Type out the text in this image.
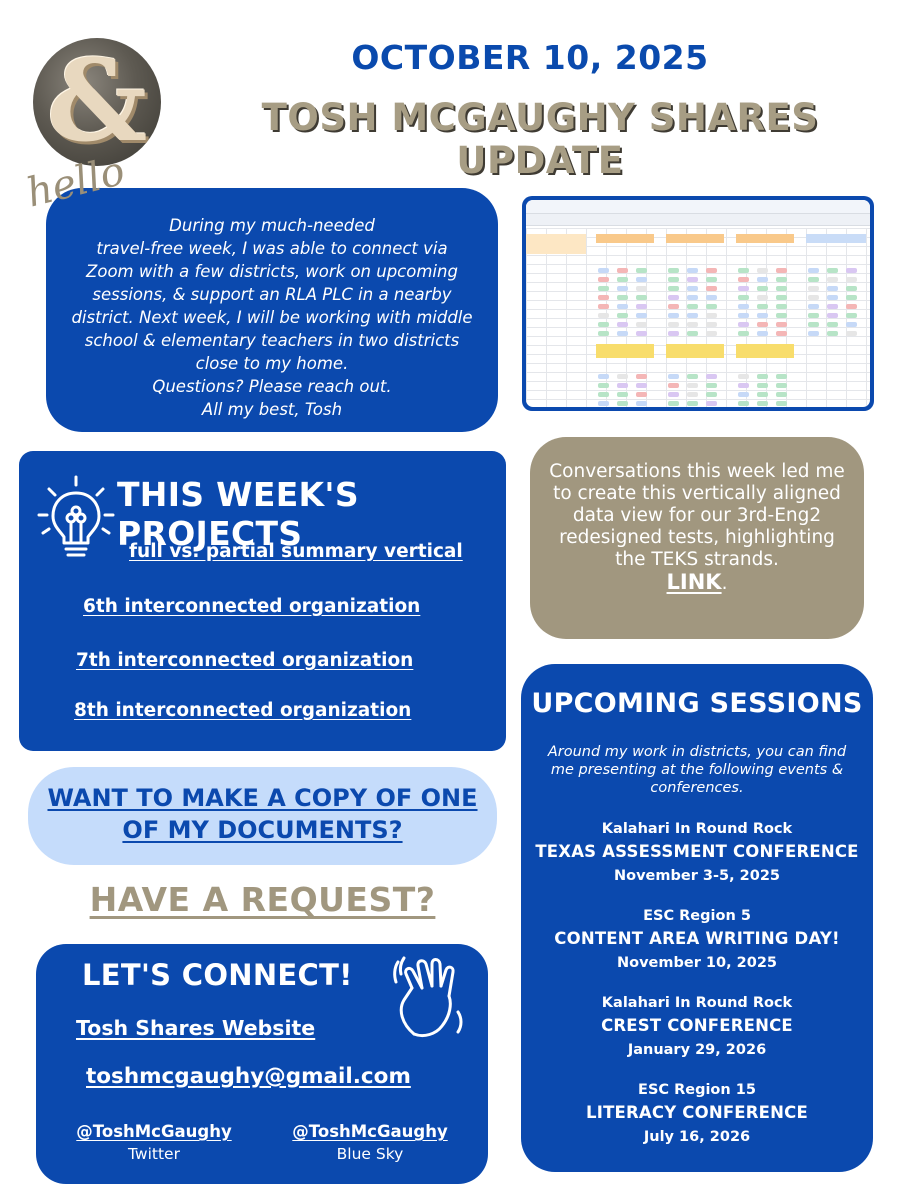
&	OCTOBER 10, 2025
TOSH MCGAUGHY SHARES UPDATE
During my much-needed
travel-free week, I was able to connect via
Zoom with a few districts, work on upcoming
sessions, & support an RLA PLC in a nearby
district. Next week, I will be working with middle
school & elementary teachers in two districts
close to my home.
Questions? Please reach out.
All my best, Tosh
hello
THIS WEEK'S PROJECTS
full vs. partial summary vertical
6th interconnected organization
7th interconnected organization
8th interconnected organization
Conversations this week led me to create this vertically aligned data view for our 3rd-Eng2 redesigned tests, highlighting the TEKS strands.
LINK.
WANT TO MAKE A COPY OF ONE
OF MY DOCUMENTS?
HAVE A REQUEST?
LET'S CONNECT!
Tosh Shares Website
toshmcgaughy@gmail.com
@ToshMcGaughy
Twitter
@ToshMcGaughy
Blue Sky
UPCOMING SESSIONS
Around my work in districts, you can find me presenting at the following events & conferences.
Kalahari In Round Rock
TEXAS ASSESSMENT CONFERENCE
November 3-5, 2025
ESC Region 5
CONTENT AREA WRITING DAY!
November 10, 2025
Kalahari In Round Rock
CREST CONFERENCE
January 29, 2026
ESC Region 15
LITERACY CONFERENCE
July 16, 2026
